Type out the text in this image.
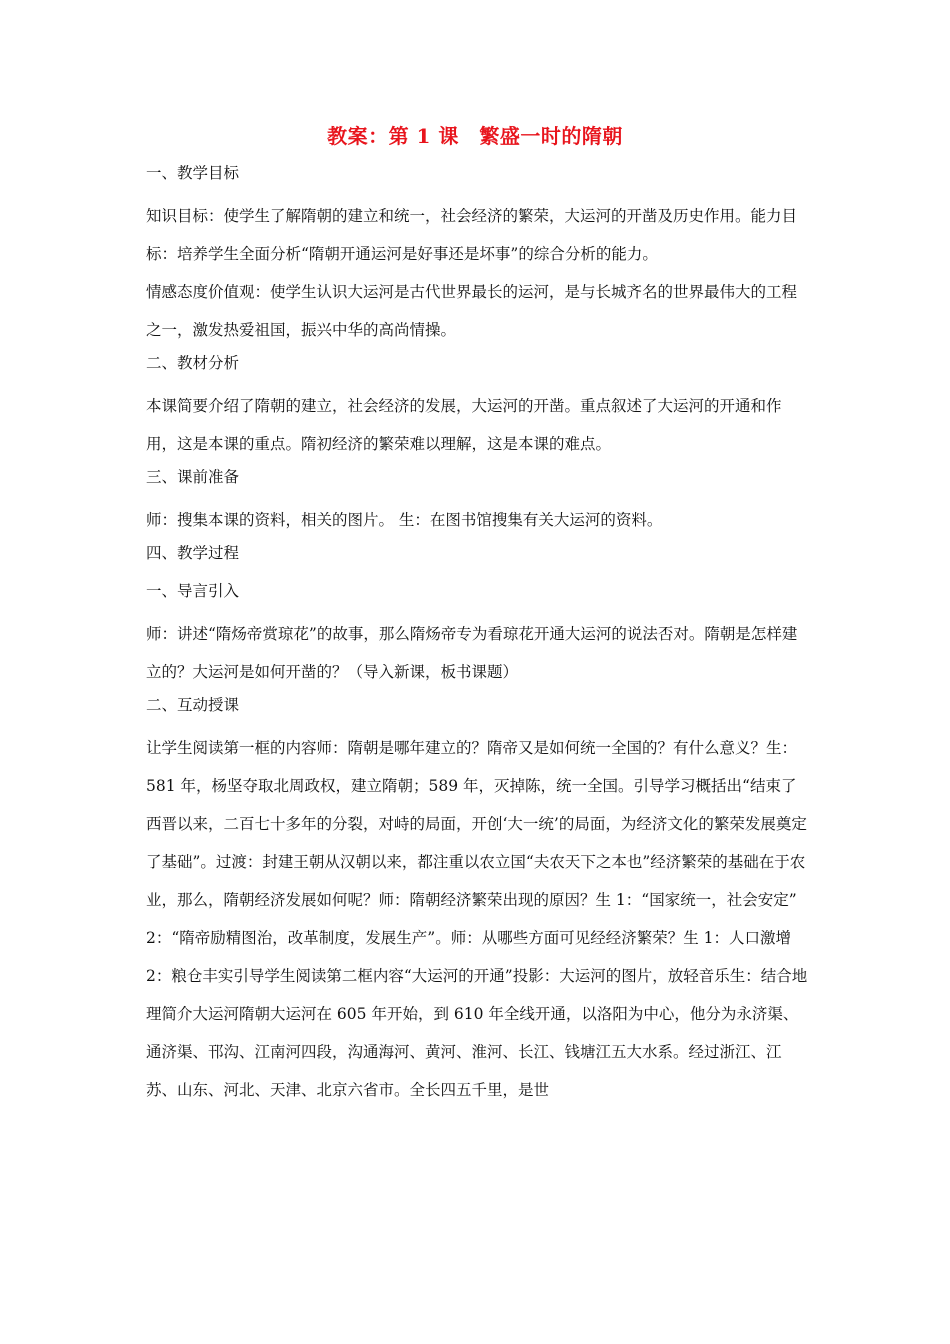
教案：第 1 课　繁盛一时的隋朝
一、教学目标

知识目标：使学生了解隋朝的建立和统一，社会经济的繁荣，大运河的开凿及历史作用。能力目标：培养学生全面分析“隋朝开通运河是好事还是坏事”的综合分析的能力。

情感态度价值观：使学生认识大运河是古代世界最长的运河，是与长城齐名的世界最伟大的工程之一，激发热爱祖国，振兴中华的高尚情操。

二、教材分析

本课简要介绍了隋朝的建立，社会经济的发展，大运河的开凿。重点叙述了大运河的开通和作用，这是本课的重点。隋初经济的繁荣难以理解，这是本课的难点。

三、课前准备

师：搜集本课的资料，相关的图片。 生：在图书馆搜集有关大运河的资料。

四、教学过程
一、导言引入

师：讲述“隋炀帝赏琼花”的故事，那么隋炀帝专为看琼花开通大运河的说法否对。隋朝是怎样建立的？大运河是如何开凿的？（导入新课，板书课题）

二、互动授课

让学生阅读第一框的内容师：隋朝是哪年建立的？隋帝又是如何统一全国的？有什么意义？生：581 年，杨坚夺取北周政权，建立隋朝；589 年，灭掉陈，统一全国。引导学习概括出“结束了西晋以来，二百七十多年的分裂，对峙的局面，开创‘大一统’的局面，为经济文化的繁荣发展奠定了基础”。过渡：封建王朝从汉朝以来，都注重以农立国“夫农天下之本也”经济繁荣的基础在于农业，那么，隋朝经济发展如何呢？师：隋朝经济繁荣出现的原因？生 1：“国家统一，社会安定” 2：“隋帝励精图治，改革制度，发展生产”。师：从哪些方面可见经经济繁荣？生 1：人口激增　 2：粮仓丰实引导学生阅读第二框内容“大运河的开通”投影：大运河的图片，放轻音乐生：结合地理简介大运河隋朝大运河在 605 年开始，到 610 年全线开通，以洛阳为中心，他分为永济渠、通济渠、邗沟、江南河四段，沟通海河、黄河、淮河、长江、钱塘江五大水系。经过浙江、江苏、山东、河北、天津、北京六省市。全长四五千里，是世
